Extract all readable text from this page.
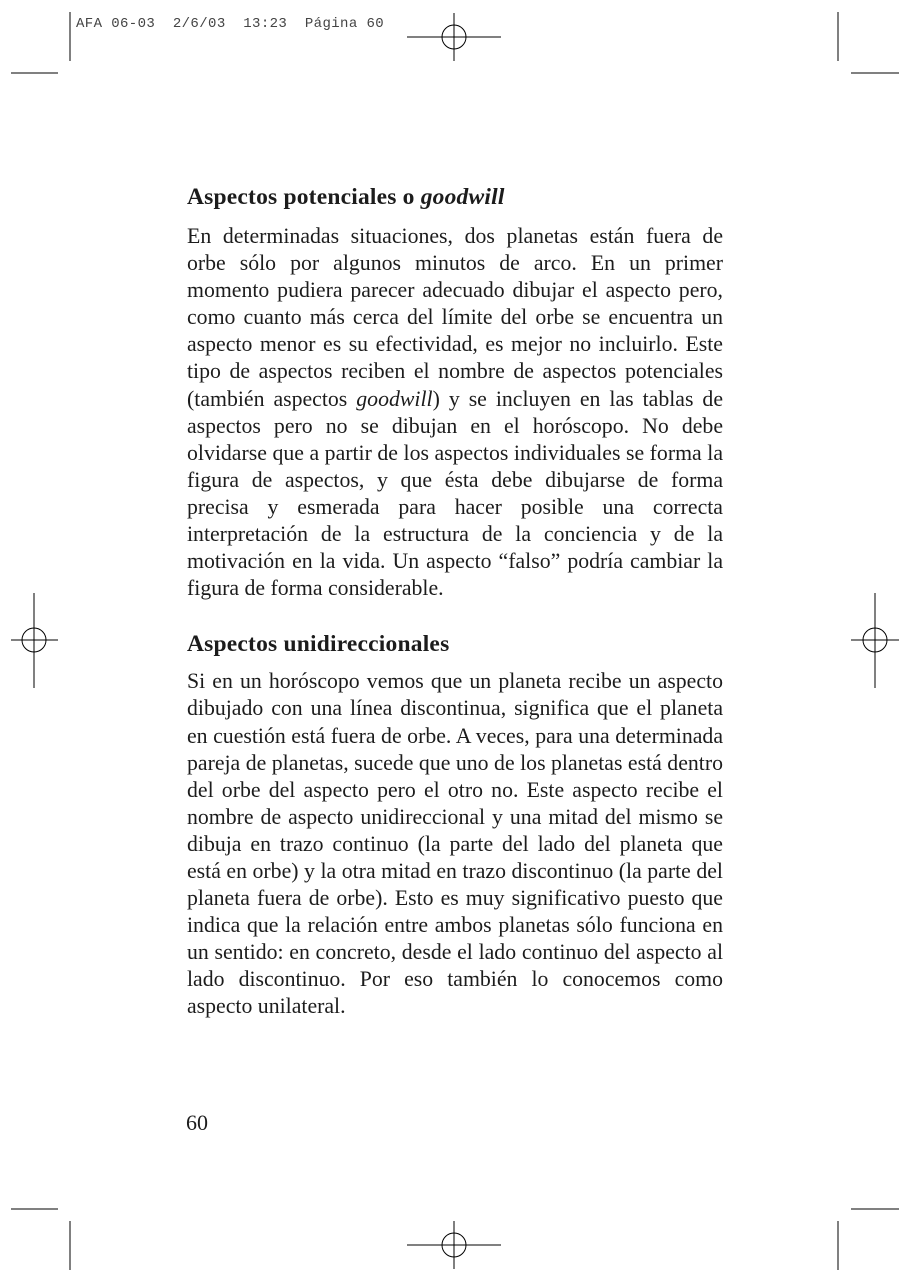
AFA 06-03  2/6/03  13:23  Página 60
Aspectos potenciales o goodwill

En determinadas situaciones, dos planetas están fuera de orbe sólo por algunos minutos de arco. En un primer momento pudiera parecer adecuado dibujar el aspecto pero, como cuanto más cerca del límite del orbe se encuentra un aspecto menor es su efectividad, es mejor no incluirlo. Este tipo de aspectos reciben el nombre de aspectos potenciales (también aspectos goodwill) y se incluyen en las tablas de aspectos pero no se dibujan en el horóscopo. No debe olvidarse que a partir de los aspectos individuales se forma la figura de aspectos, y que ésta debe dibujarse de forma precisa y esmerada para hacer posible una correcta interpretación de la estructura de la conciencia y de la motivación en la vida. Un aspecto “falso” podría cambiar la figura de forma considerable.

Aspectos unidireccionales

Si en un horóscopo vemos que un planeta recibe un aspecto dibujado con una línea discontinua, significa que el planeta en cuestión está fuera de orbe. A veces, para una determinada pareja de planetas, sucede que uno de los planetas está dentro del orbe del aspecto pero el otro no. Este aspecto recibe el nombre de aspecto unidireccional y una mitad del mismo se dibuja en trazo continuo (la parte del lado del planeta que está en orbe) y la otra mitad en trazo discontinuo (la parte del planeta fuera de orbe). Esto es muy significativo puesto que indica que la relación entre ambos planetas sólo funciona en un sentido: en concreto, desde el lado continuo del aspecto al lado discontinuo. Por eso también lo conocemos como aspecto unilateral.

60
